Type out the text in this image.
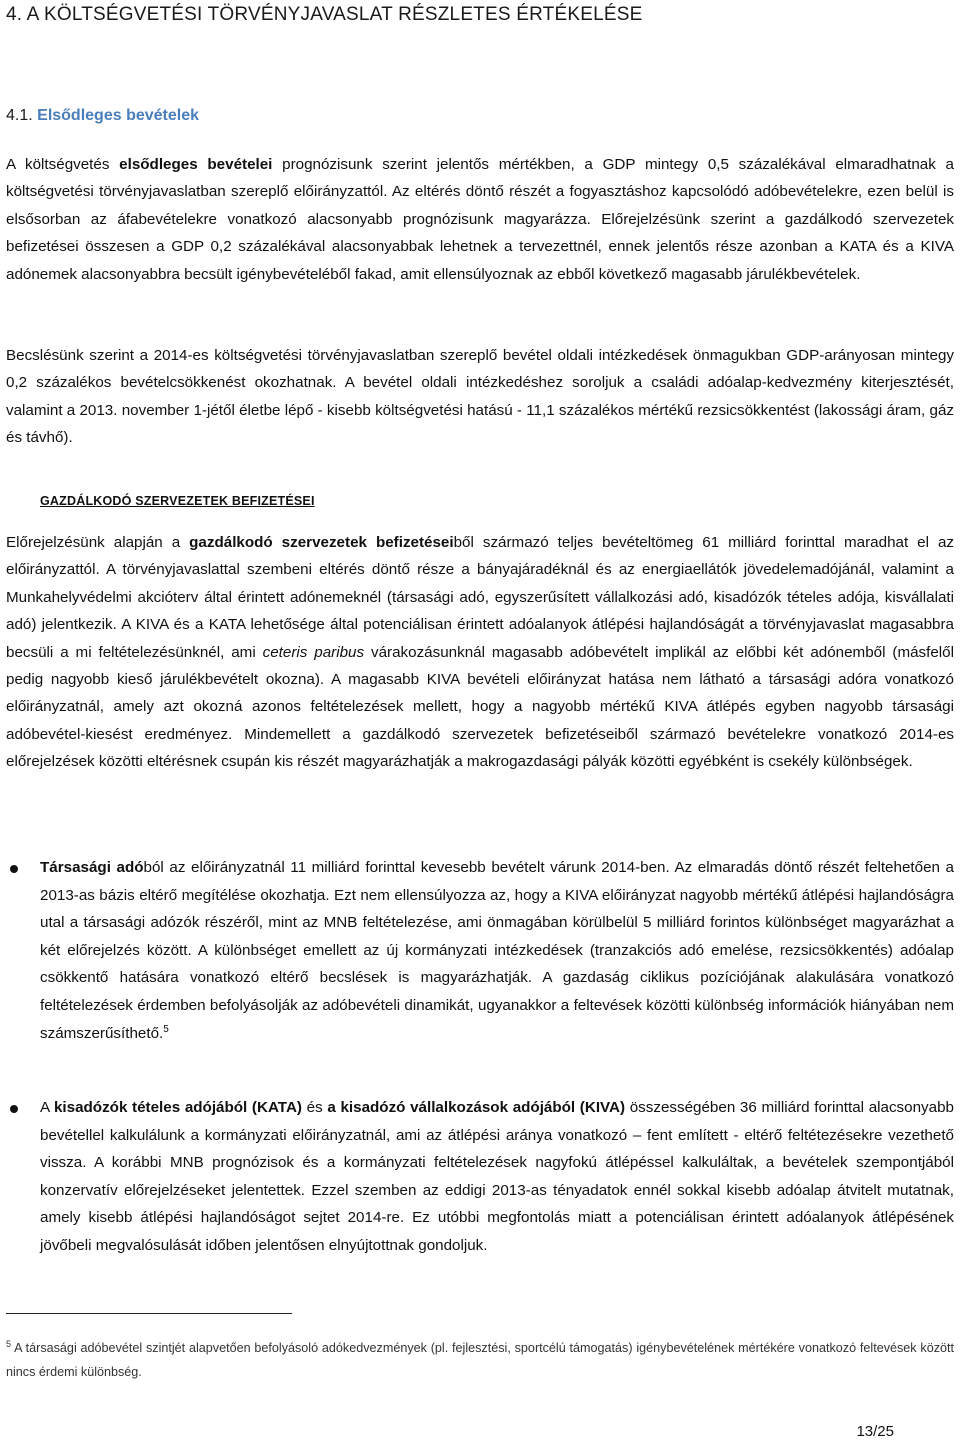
4. A KÖLTSÉGVETÉSI TÖRVÉNYJAVASLAT RÉSZLETES ÉRTÉKELÉSE
4.1. Elsődleges bevételek

A költségvetés elsődleges bevételei prognózisunk szerint jelentős mértékben, a GDP mintegy 0,5 százalékával elmaradhatnak a költségvetési törvényjavaslatban szereplő előirányzattól. Az eltérés döntő részét a fogyasztáshoz kapcsolódó adóbevételekre, ezen belül is elsősorban az áfabevételekre vonatkozó alacsonyabb prognózisunk magyarázza. Előrejelzésünk szerint a gazdálkodó szervezetek befizetései összesen a GDP 0,2 százalékával alacsonyabbak lehetnek a tervezettnél, ennek jelentős része azonban a KATA és a KIVA adónemek alacsonyabbra becsült igénybevételéből fakad, amit ellensúlyoznak az ebből következő magasabb járulékbevételek.

Becslésünk szerint a 2014-es költségvetési törvényjavaslatban szereplő bevétel oldali intézkedések önmagukban GDP-arányosan mintegy 0,2 százalékos bevételcsökkenést okozhatnak. A bevétel oldali intézkedéshez soroljuk a családi adóalap-kedvezmény kiterjesztését, valamint a 2013. november 1-jétől életbe lépő - kisebb költségvetési hatású - 11,1 százalékos mértékű rezsicsökkentést (lakossági áram, gáz és távhő).

GAZDÁLKODÓ SZERVEZETEK BEFIZETÉSEI

Előrejelzésünk alapján a gazdálkodó szervezetek befizetéseiből származó teljes bevételtömeg 61 milliárd forinttal maradhat el az előirányzattól. A törvényjavaslattal szembeni eltérés döntő része a bányajáradéknál és az energiaellátók jövedelemadójánál, valamint a Munkahelyvédelmi akcióterv által érintett adónemeknél (társasági adó, egyszerűsített vállalkozási adó, kisadózók tételes adója, kisvállalati adó) jelentkezik. A KIVA és a KATA lehetősége által potenciálisan érintett adóalanyok átlépési hajlandóságát a törvényjavaslat magasabbra becsüli a mi feltételezésünknél, ami ceteris paribus várakozásunknál magasabb adóbevételt implikál az előbbi két adónemből (másfelől pedig nagyobb kieső járulékbevételt okozna). A magasabb KIVA bevételi előirányzat hatása nem látható a társasági adóra vonatkozó előirányzatnál, amely azt okozná azonos feltételezések mellett, hogy a nagyobb mértékű KIVA átlépés egyben nagyobb társasági adóbevétel-kiesést eredményez. Mindemellett a gazdálkodó szervezetek befizetéseiből származó bevételekre vonatkozó 2014-es előrejelzések közötti eltérésnek csupán kis részét magyarázhatják a makrogazdasági pályák közötti egyébként is csekély különbségek.

Társasági adóból az előirányzatnál 11 milliárd forinttal kevesebb bevételt várunk 2014-ben. Az elmaradás döntő részét feltehetően a 2013-as bázis eltérő megítélése okozhatja. Ezt nem ellensúlyozza az, hogy a KIVA előirányzat nagyobb mértékű átlépési hajlandóságra utal a társasági adózók részéről, mint az MNB feltételezése, ami önmagában körülbelül 5 milliárd forintos különbséget magyarázhat a két előrejelzés között. A különbséget emellett az új kormányzati intézkedések (tranzakciós adó emelése, rezsicsökkentés) adóalap csökkentő hatására vonatkozó eltérő becslések is magyarázhatják. A gazdaság ciklikus pozíciójának alakulására vonatkozó feltételezések érdemben befolyásolják az adóbevételi dinamikát, ugyanakkor a feltevések közötti különbség információk hiányában nem számszerűsíthető.$^5$

A kisadózók tételes adójából (KATA) és a kisadózó vállalkozások adójából (KIVA) összességében 36 milliárd forinttal alacsonyabb bevétellel kalkulálunk a kormányzati előirányzatnál, ami az átlépési aránya vonatkozó – fent említett - eltérő feltétezésekre vezethető vissza. A korábbi MNB prognózisok és a kormányzati feltételezések nagyfokú átlépéssel kalkuláltak, a bevételek szempontjából konzervatív előrejelzéseket jelentettek. Ezzel szemben az eddigi 2013-as tényadatok ennél sokkal kisebb adóalap átvitelt mutatnak, amely kisebb átlépési hajlandóságot sejtet 2014-re. Ez utóbbi megfontolás miatt a potenciálisan érintett adóalanyok átlépésének jövőbeli megvalósulását időben jelentősen elnyújtottnak gondoljuk.

$^5$ A társasági adóbevétel szintjét alapvetően befolyásoló adókedvezmények (pl. fejlesztési, sportcélú támogatás) igénybevételének mértékére vonatkozó feltevések között nincs érdemi különbség.

13/25
